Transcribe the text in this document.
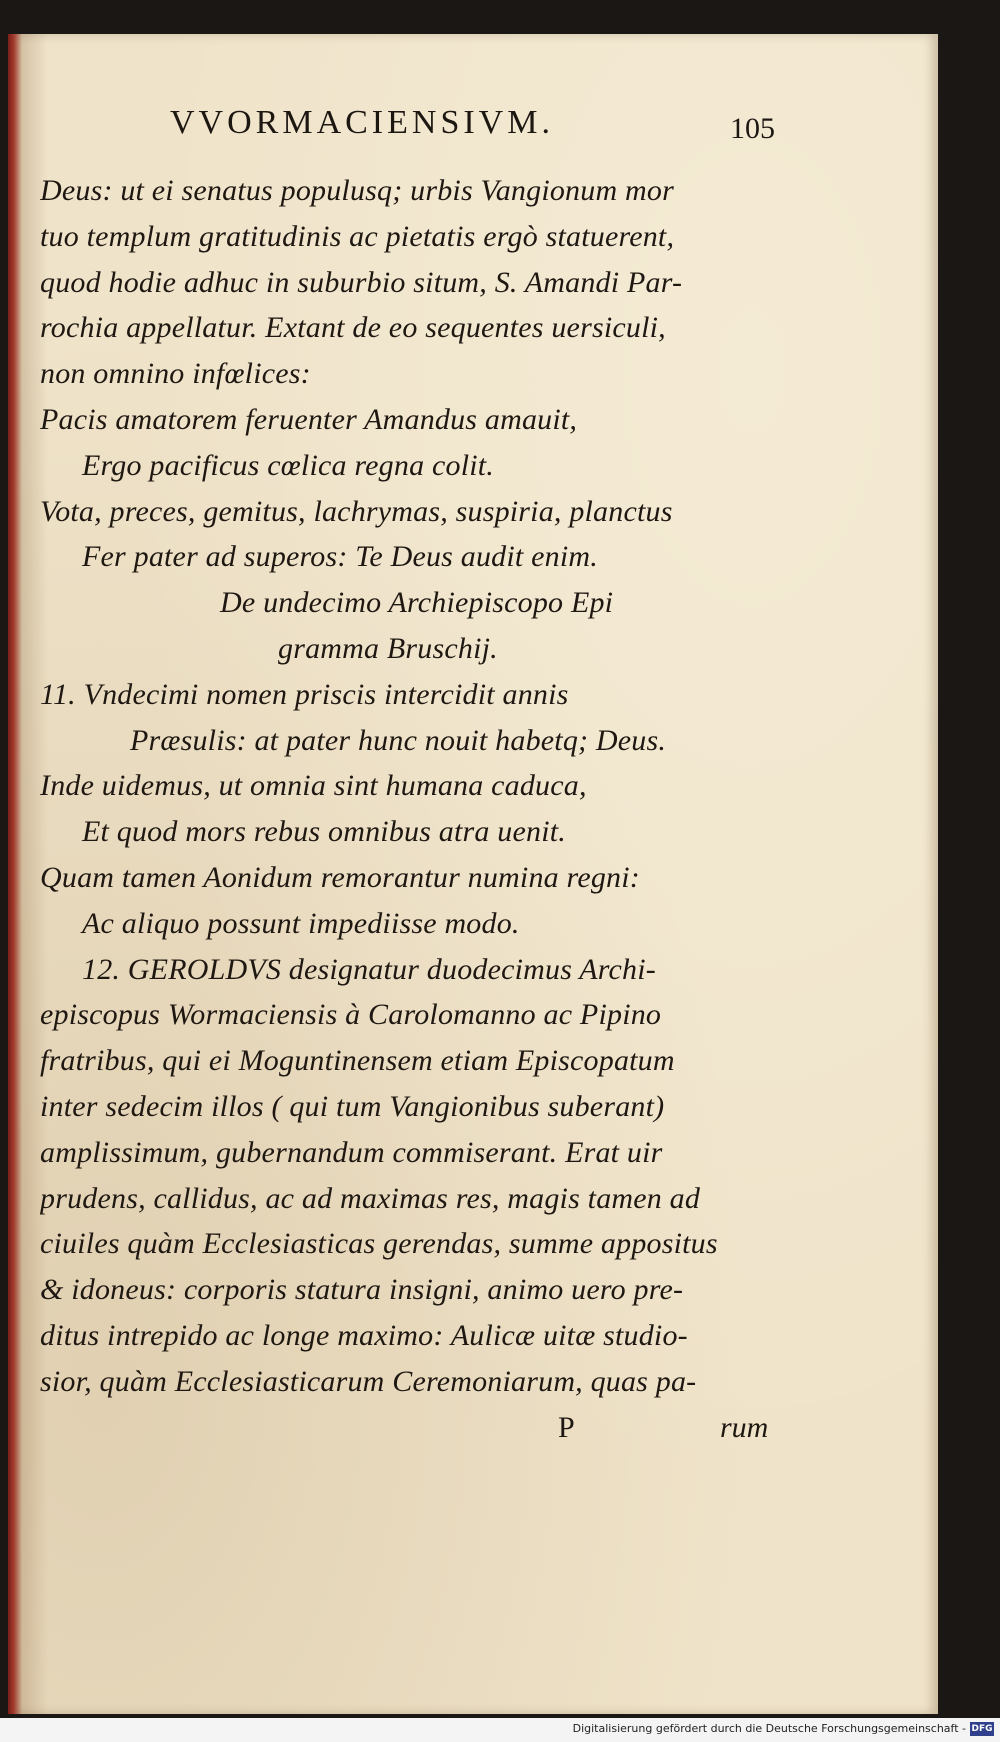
VVORMACIENSIVM.	105
Deus: ut ei senatus populusq; urbis Vangionum mor
tuo templum gratitudinis ac pietatis ergò statuerent,
quod hodie adhuc in suburbio situm, S. Amandi Par-
rochia appellatur. Extant de eo sequentes uersiculi,
non omnino infœlices:
Pacis amatorem feruenter Amandus amauit,
Ergo pacificus cœlica regna colit.
Vota, preces, gemitus, lachrymas, suspiria, planctus
Fer pater ad superos: Te Deus audit enim.
De undecimo Archiepiscopo Epi
gramma Bruschij.
11. Vndecimi nomen priscis intercidit annis
Præsulis: at pater hunc nouit habetq; Deus.
Inde uidemus, ut omnia sint humana caduca,
Et quod mors rebus omnibus atra uenit.
Quam tamen Aonidum remorantur numina regni:
Ac aliquo possunt impediisse modo.
12. GEROLDVS designatur duodecimus Archi-
episcopus Wormaciensis à Carolomanno ac Pipino
fratribus, qui ei Moguntinensem etiam Episcopatum
inter sedecim illos ( qui tum Vangionibus suberant)
amplissimum, gubernandum commiserant. Erat uir
prudens, callidus, ac ad maximas res, magis tamen ad
ciuiles quàm Ecclesiasticas gerendas, summe appositus
& idoneus: corporis statura insigni, animo uero pre-
ditus intrepido ac longe maximo: Aulicæ uitæ studio-
sior, quàm Ecclesiasticarum Ceremoniarum, quas pa-
P	rum
Digitalisierung gefördert durch die Deutsche Forschungsgemeinschaft - DFG
